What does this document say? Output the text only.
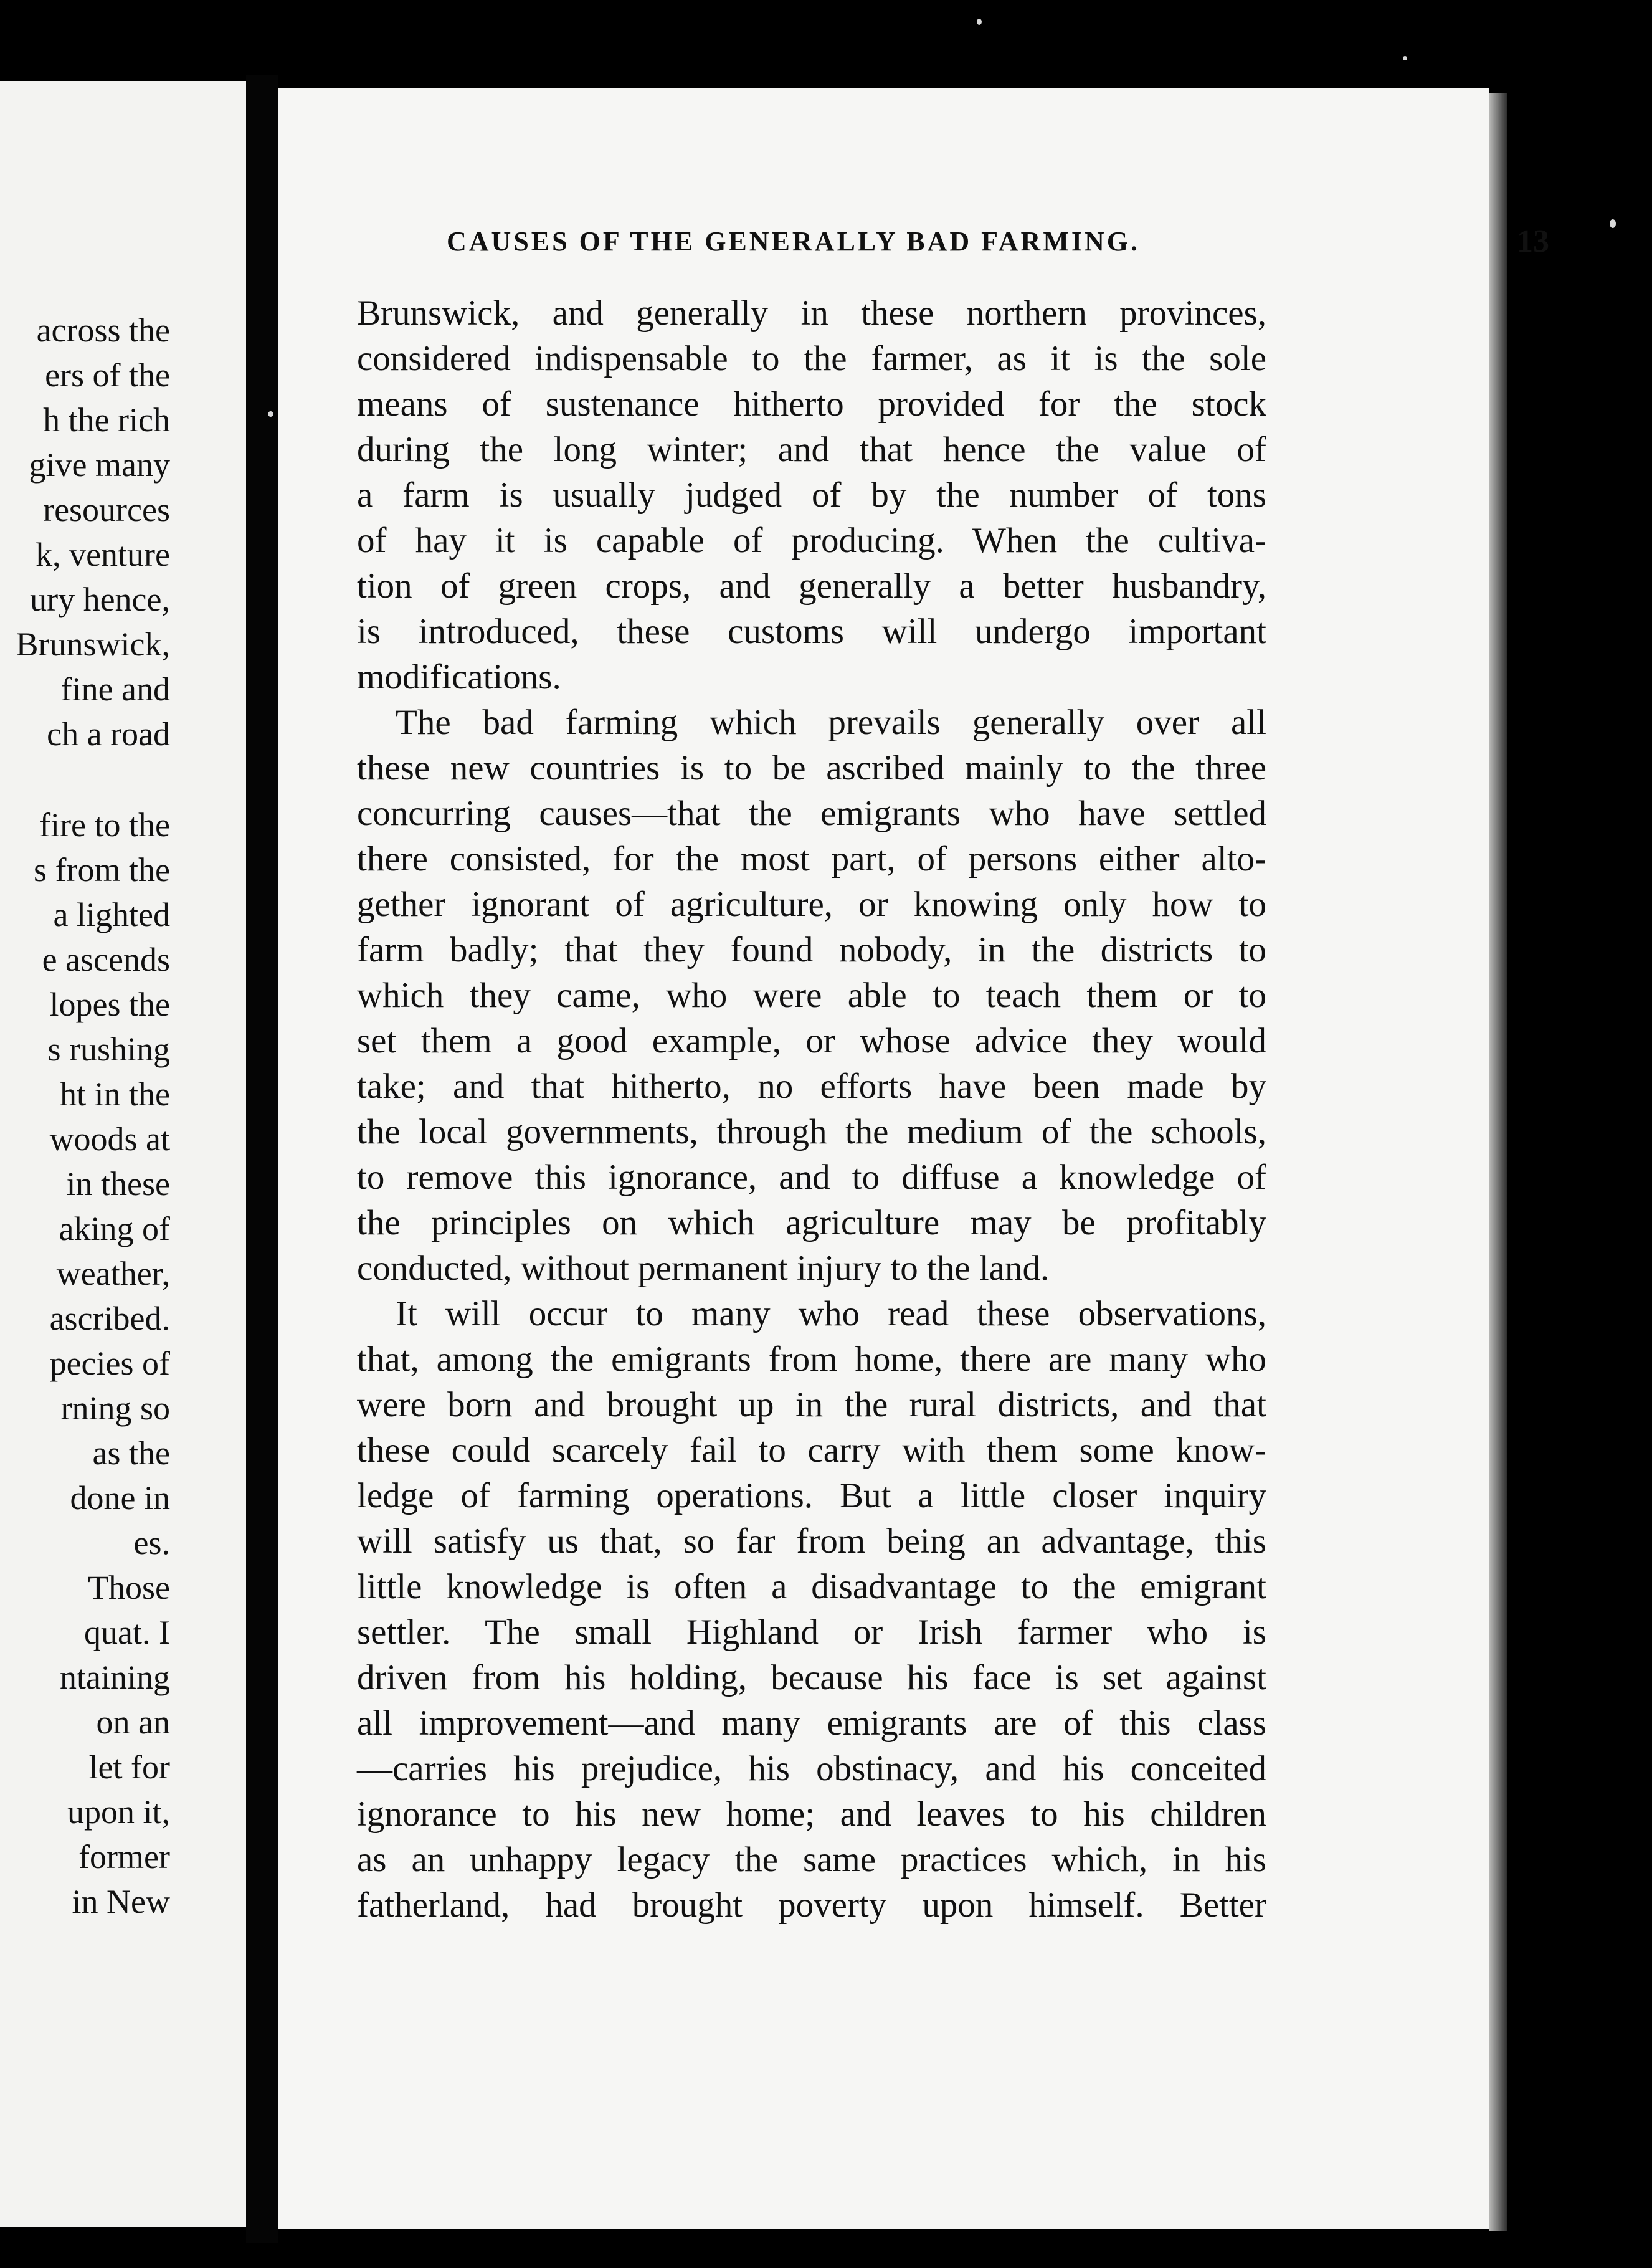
across the
ers of the
h the rich
give many
resources
k, venture
ury hence,
Brunswick,
fine and
ch a road
fire to the
s from the
a lighted
e ascends
lopes the
s rushing
ht in the
woods at
in these
aking of
weather,
ascribed.
pecies of
rning so
as the
done in
es.
Those
quat. I
ntaining
on an
let for
upon it,
former
in New
CAUSES OF THE GENERALLY BAD FARMING.	13
Brunswick, and generally in these northern provinces,
considered indispensable to the farmer, as it is the sole
means of sustenance hitherto provided for the stock
during the long winter; and that hence the value of
a farm is usually judged of by the number of tons
of hay it is capable of producing. When the cultiva-
tion of green crops, and generally a better husbandry,
is introduced, these customs will undergo important
modifications.
The bad farming which prevails generally over all
these new countries is to be ascribed mainly to the three
concurring causes—that the emigrants who have settled
there consisted, for the most part, of persons either alto-
gether ignorant of agriculture, or knowing only how to
farm badly; that they found nobody, in the districts to
which they came, who were able to teach them or to
set them a good example, or whose advice they would
take; and that hitherto, no efforts have been made by
the local governments, through the medium of the schools,
to remove this ignorance, and to diffuse a knowledge of
the principles on which agriculture may be profitably
conducted, without permanent injury to the land.
It will occur to many who read these observations,
that, among the emigrants from home, there are many who
were born and brought up in the rural districts, and that
these could scarcely fail to carry with them some know-
ledge of farming operations. But a little closer inquiry
will satisfy us that, so far from being an advantage, this
little knowledge is often a disadvantage to the emigrant
settler. The small Highland or Irish farmer who is
driven from his holding, because his face is set against
all improvement—and many emigrants are of this class
—carries his prejudice, his obstinacy, and his conceited
ignorance to his new home; and leaves to his children
as an unhappy legacy the same practices which, in his
fatherland, had brought poverty upon himself. Better
